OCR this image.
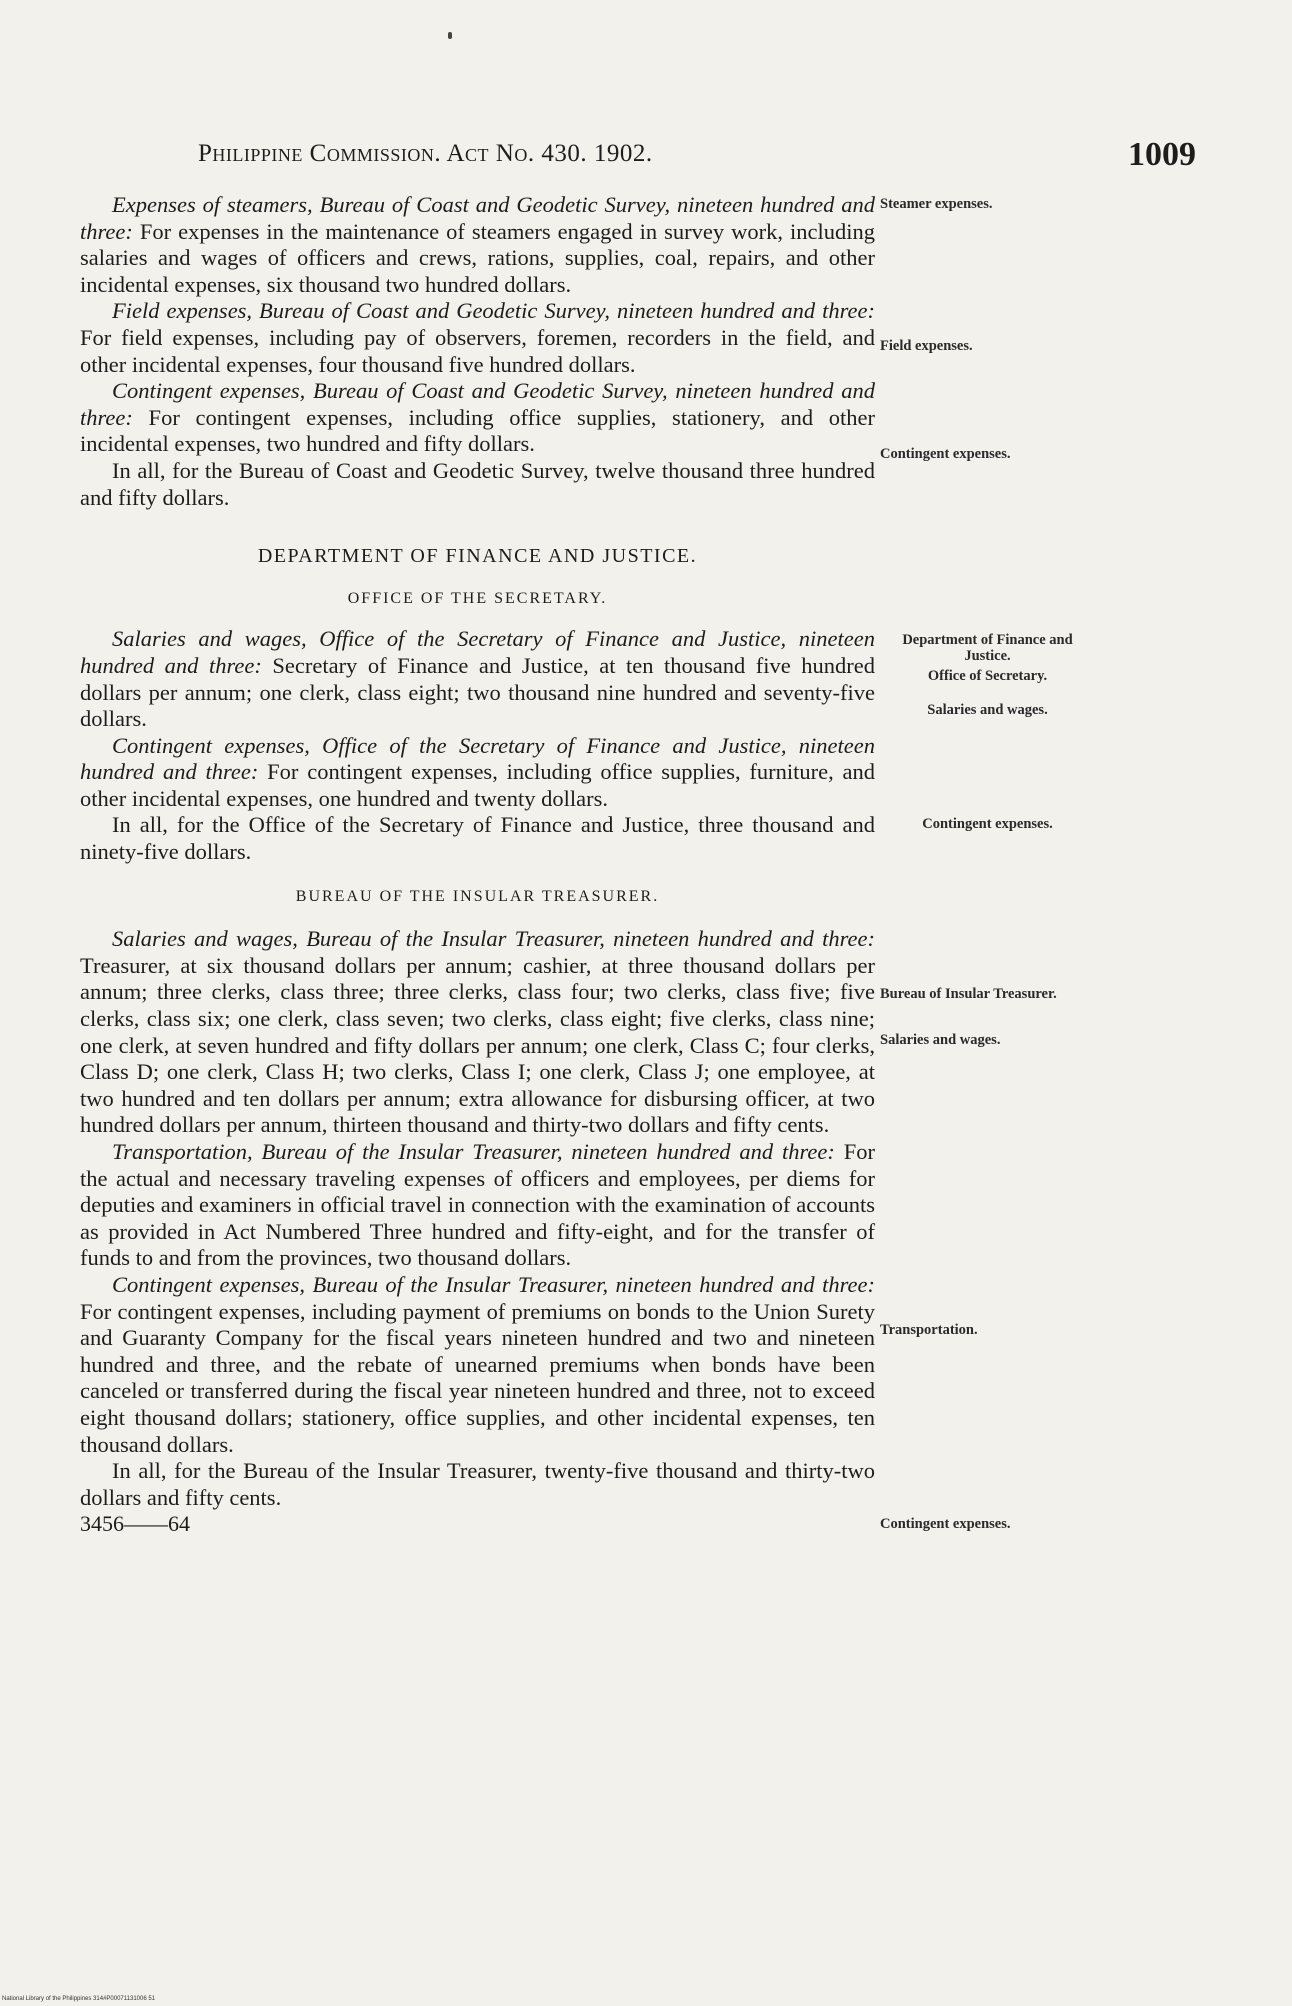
Philippine Commission. Act No. 430. 1902.	1009

Expenses of steamers, Bureau of Coast and Geodetic Survey, nineteen hundred and three: For expenses in the maintenance of steamers engaged in survey work, including salaries and wages of officers and crews, rations, supplies, coal, repairs, and other incidental expenses, six thousand two hundred dollars.

Field expenses, Bureau of Coast and Geodetic Survey, nineteen hundred and three: For field expenses, including pay of observers, foremen, recorders in the field, and other incidental expenses, four thousand five hundred dollars.

Contingent expenses, Bureau of Coast and Geodetic Survey, nineteen hundred and three: For contingent expenses, including office supplies, stationery, and other incidental expenses, two hundred and fifty dollars.

In all, for the Bureau of Coast and Geodetic Survey, twelve thousand three hundred and fifty dollars.

DEPARTMENT OF FINANCE AND JUSTICE.
OFFICE OF THE SECRETARY.

Salaries and wages, Office of the Secretary of Finance and Justice, nineteen hundred and three: Secretary of Finance and Justice, at ten thousand five hundred dollars per annum; one clerk, class eight; two thousand nine hundred and seventy-five dollars.

Contingent expenses, Office of the Secretary of Finance and Justice, nineteen hundred and three: For contingent expenses, including office supplies, furniture, and other incidental expenses, one hundred and twenty dollars.

In all, for the Office of the Secretary of Finance and Justice, three thousand and ninety-five dollars.

BUREAU OF THE INSULAR TREASURER.

Salaries and wages, Bureau of the Insular Treasurer, nineteen hundred and three: Treasurer, at six thousand dollars per annum; cashier, at three thousand dollars per annum; three clerks, class three; three clerks, class four; two clerks, class five; five clerks, class six; one clerk, class seven; two clerks, class eight; five clerks, class nine; one clerk, at seven hundred and fifty dollars per annum; one clerk, Class C; four clerks, Class D; one clerk, Class H; two clerks, Class I; one clerk, Class J; one employee, at two hundred and ten dollars per annum; extra allowance for disbursing officer, at two hundred dollars per annum, thirteen thousand and thirty-two dollars and fifty cents.

Transportation, Bureau of the Insular Treasurer, nineteen hundred and three: For the actual and necessary traveling expenses of officers and employees, per diems for deputies and examiners in official travel in connection with the examination of accounts as provided in Act Numbered Three hundred and fifty-eight, and for the transfer of funds to and from the provinces, two thousand dollars.

Contingent expenses, Bureau of the Insular Treasurer, nineteen hundred and three: For contingent expenses, including payment of premiums on bonds to the Union Surety and Guaranty Company for the fiscal years nineteen hundred and two and nineteen hundred and three, and the rebate of unearned premiums when bonds have been canceled or transferred during the fiscal year nineteen hundred and three, not to exceed eight thousand dollars; stationery, office supplies, and other incidental expenses, ten thousand dollars.

In all, for the Bureau of the Insular Treasurer, twenty-five thousand and thirty-two dollars and fifty cents.

3456——64

Steamer expenses.
Field expenses.
Contingent expenses.
Department of Finance and Justice.
Office of Secretary.
Salaries and wages.
Contingent expenses.
Bureau of Insular Treasurer.
Salaries and wages.
Transportation.
Contingent expenses.
National Library of the Philippines 314#P00071131006 51
